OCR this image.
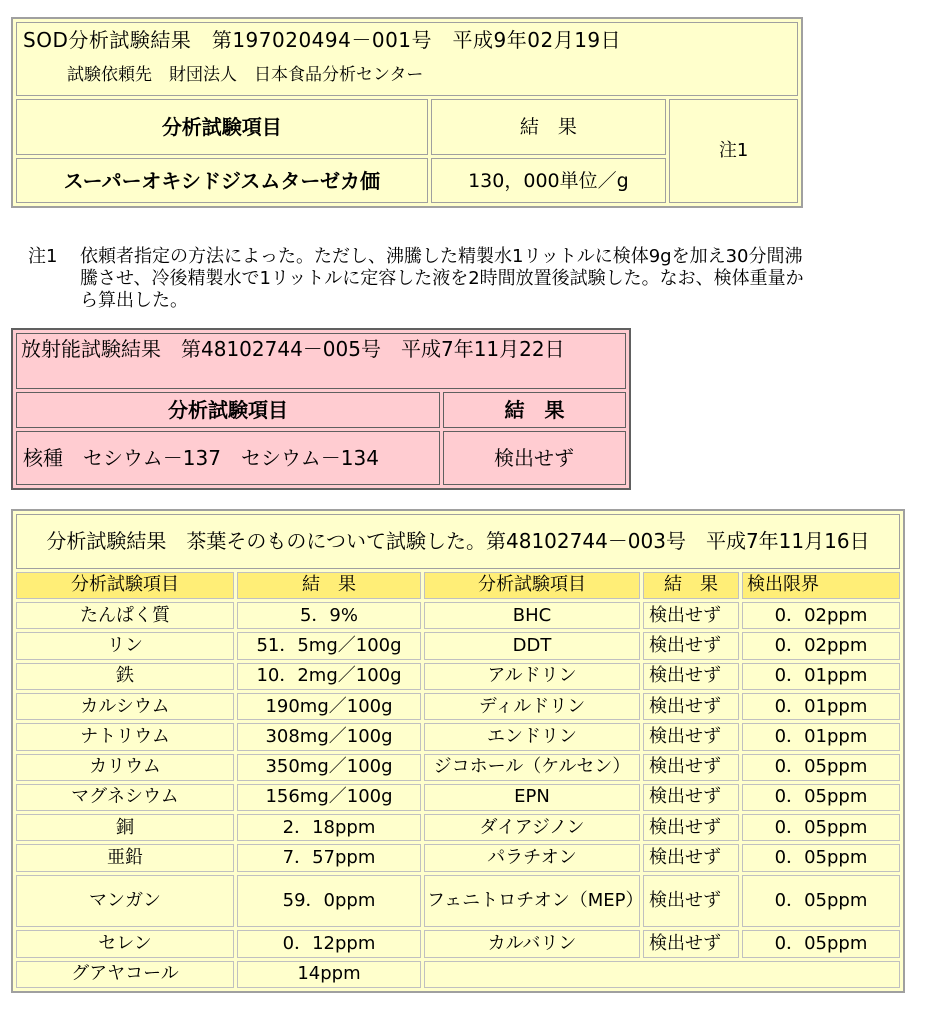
SOD分析試験結果　第197020494－001号　平成9年02月19日
試験依頼先　財団法人　日本食品分析センター		

分析試験項目	結　果	注1
スーパーオキシドジスムターゼカ価	130，000単位／g	
注1 依頼者指定の方法によった。ただし、沸騰した精製水1リットルに検体9gを加え30分間沸騰させ、冷後精製水で1リットルに定容した液を2時間放置後試験した。なお、検体重量から算出した。
放射能試験結果　第48102744－005号　平成7年11月22日	
分析試験項目	結　果
核種　セシウム－137　セシウム－134	検出せず
分析試験結果　茶葉そのものについて試験した。第48102744－003号　平成7年11月16日				
分析試験項目	結　果	分析試験項目	結　果	検出限界
たんぱく質	5．9%	BHC	検出せず	0．02ppm
リン	51．5mg／100g	DDT	検出せず	0．02ppm
鉄	10．2mg／100g	アルドリン	検出せず	0．01ppm
カルシウム	190mg／100g	ディルドリン	検出せず	0．01ppm
ナトリウム	308mg／100g	エンドリン	検出せず	0．01ppm
カリウム	350mg／100g	ジコホール（ケルセン）	検出せず	0．05ppm
マグネシウム	156mg／100g	EPN	検出せず	0．05ppm
銅	2．18ppm	ダイアジノン	検出せず	0．05ppm
亜鉛	7．57ppm	パラチオン	検出せず	0．05ppm
マンガン	59．0ppm	フェニトロチオン（MEP）	検出せず	0．05ppm
セレン	0．12ppm	カルバリン	検出せず	0．05ppm
グアヤコール	14ppm			
